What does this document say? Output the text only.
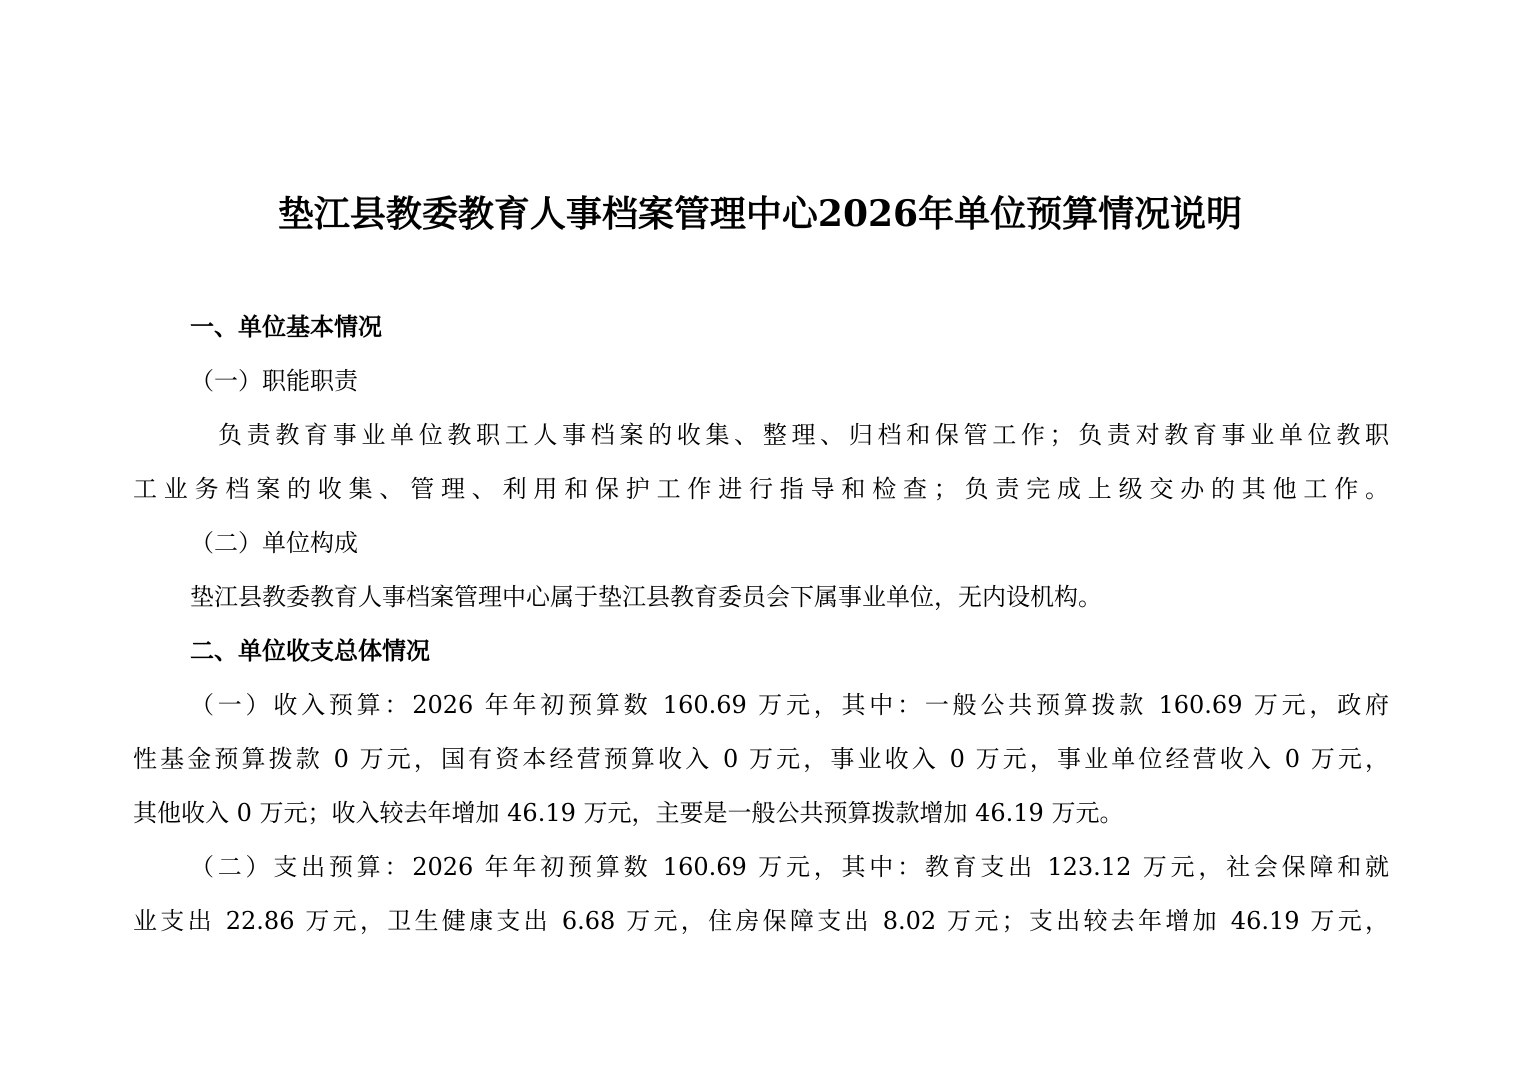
垫江县教委教育人事档案管理中心2026年单位预算情况说明
一、单位基本情况
（一）职能职责
负责教育事业单位教职工人事档案的收集、整理、归档和保管工作；负责对教育事业单位教职
工业务档案的收集、管理、利用和保护工作进行指导和检查；负责完成上级交办的其他工作。
（二）单位构成
垫江县教委教育人事档案管理中心属于垫江县教育委员会下属事业单位，无内设机构。
二、单位收支总体情况
（一）收入预算：2026 年年初预算数 160.69 万元，其中：一般公共预算拨款 160.69 万元，政府
性基金预算拨款 0 万元，国有资本经营预算收入 0 万元，事业收入 0 万元，事业单位经营收入 0 万元，
其他收入 0 万元；收入较去年增加 46.19 万元，主要是一般公共预算拨款增加 46.19 万元。
（二）支出预算：2026 年年初预算数 160.69 万元，其中：教育支出 123.12 万元，社会保障和就
业支出 22.86 万元，卫生健康支出 6.68 万元，住房保障支出 8.02 万元；支出较去年增加 46.19 万元，
